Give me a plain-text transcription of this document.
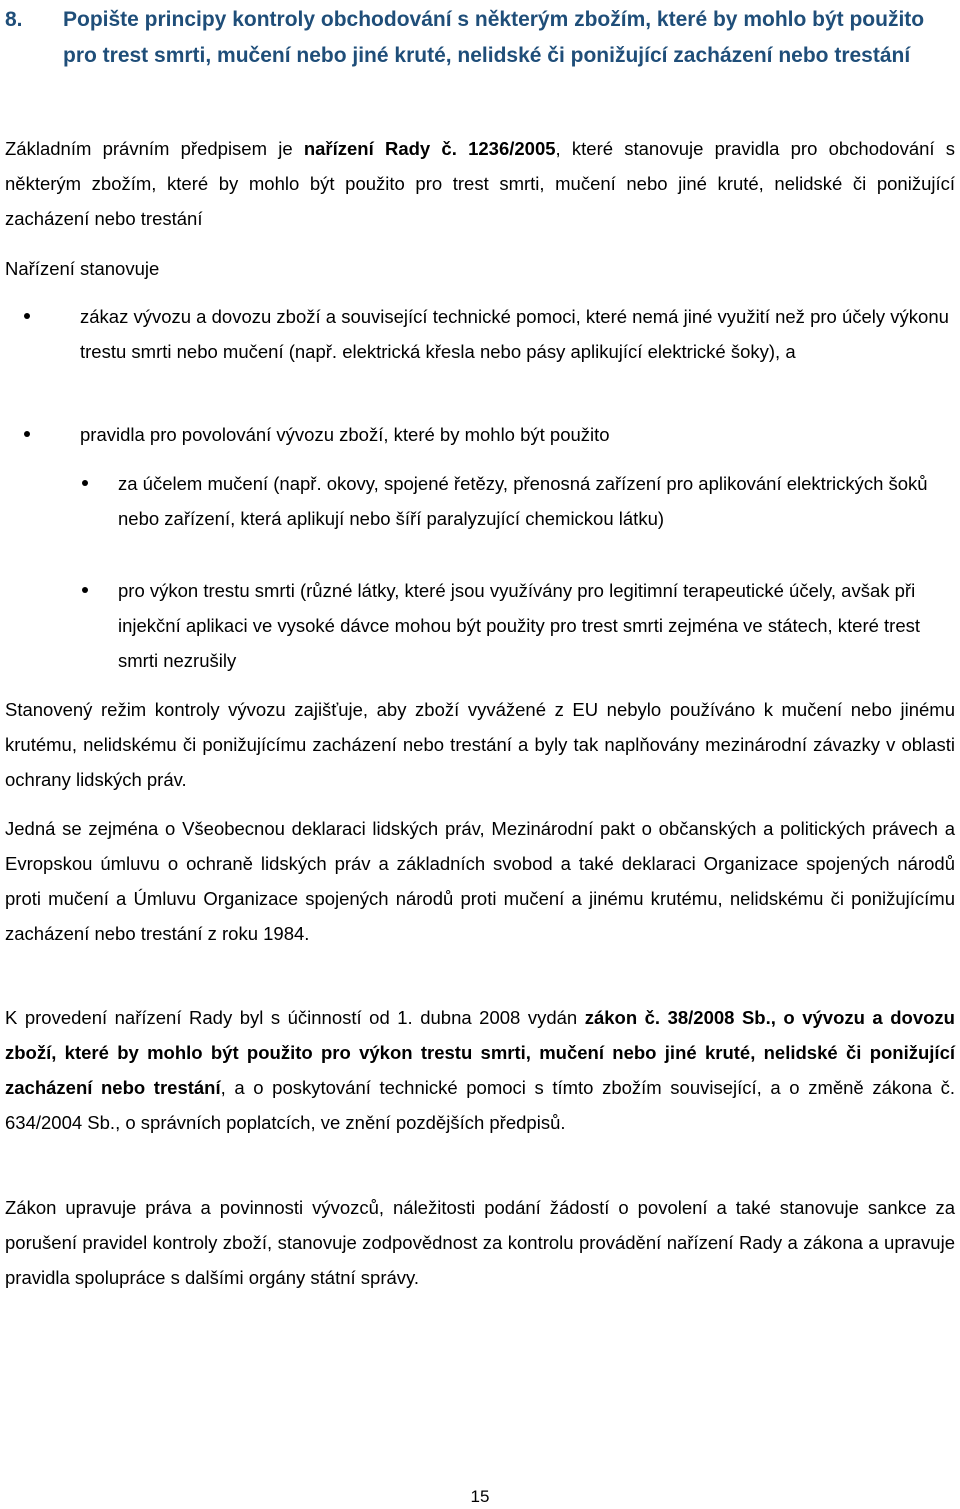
8. Popište principy kontroly obchodování s některým zbožím, které by mohlo být použito pro trest smrti, mučení nebo jiné kruté, nelidské či ponižující zacházení nebo trestání

Základním právním předpisem je nařízení Rady č. 1236/2005, které stanovuje pravidla pro obchodování s některým zbožím, které by mohlo být použito pro trest smrti, mučení nebo jiné kruté, nelidské či ponižující zacházení nebo trestání

Nařízení stanovuje

zákaz vývozu a dovozu zboží a související technické pomoci, které nemá jiné využití než pro účely výkonu trestu smrti nebo mučení (např. elektrická křesla nebo pásy aplikující elektrické šoky), a
pravidla pro povolování vývozu zboží, které by mohlo být použito
za účelem mučení (např. okovy, spojené řetězy, přenosná zařízení pro aplikování elektrických šoků nebo zařízení, která aplikují nebo šíří paralyzující chemickou látku)
pro výkon trestu smrti (různé látky, které jsou využívány pro legitimní terapeutické účely, avšak při injekční aplikaci ve vysoké dávce mohou být použity pro trest smrti zejména ve státech, které trest smrti nezrušily

Stanovený režim kontroly vývozu zajišťuje, aby zboží vyvážené z EU nebylo používáno k mučení nebo jinému krutému, nelidskému či ponižujícímu zacházení nebo trestání a byly tak naplňovány mezinárodní závazky v oblasti ochrany lidských práv.

Jedná se zejména o Všeobecnou deklaraci lidských práv, Mezinárodní pakt o občanských a politických právech a Evropskou úmluvu o ochraně lidských práv a základních svobod a také deklaraci Organizace spojených národů proti mučení a Úmluvu Organizace spojených národů proti mučení a jinému krutému, nelidskému či ponižujícímu zacházení nebo trestání z roku 1984.

K provedení nařízení Rady byl s účinností od 1. dubna 2008 vydán zákon č. 38/2008 Sb., o vývozu a dovozu zboží, které by mohlo být použito pro výkon trestu smrti, mučení nebo jiné kruté, nelidské či ponižující zacházení nebo trestání, a o poskytování technické pomoci s tímto zbožím související, a o změně zákona č. 634/2004 Sb., o správních poplatcích, ve znění pozdějších předpisů.

Zákon upravuje práva a povinnosti vývozců, náležitosti podání žádostí o povolení a také stanovuje sankce za porušení pravidel kontroly zboží, stanovuje zodpovědnost za kontrolu provádění nařízení Rady a zákona a upravuje pravidla spolupráce s dalšími orgány státní správy.

15
